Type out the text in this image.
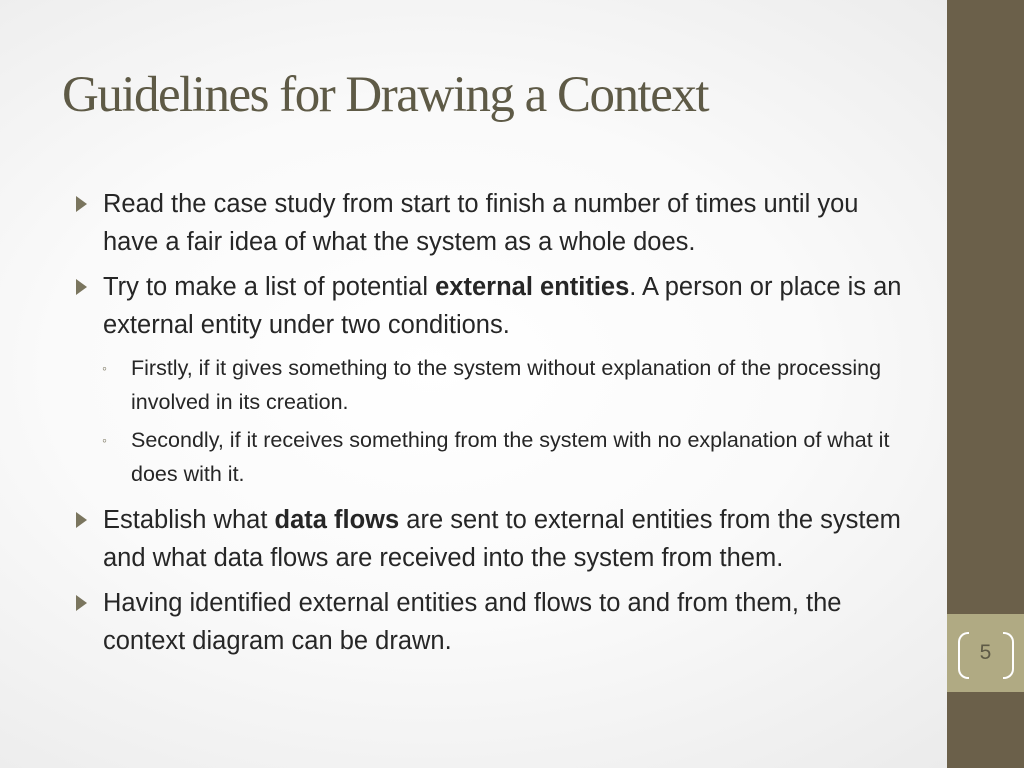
Guidelines for Drawing a Context
Read the case study from start to finish a number of times until you have a fair idea of what the system as a whole does.
Try to make a list of potential external entities. A person or place is an external entity under two conditions.
◦ Firstly, if it gives something to the system without explanation of the processing involved in its creation.
◦ Secondly, if it receives something from the system with no explanation of what it does with it.
Establish what data flows are sent to external entities from the system and what data flows are received into the system from them.
Having identified external entities and flows to and from them, the context diagram can be drawn.	5
